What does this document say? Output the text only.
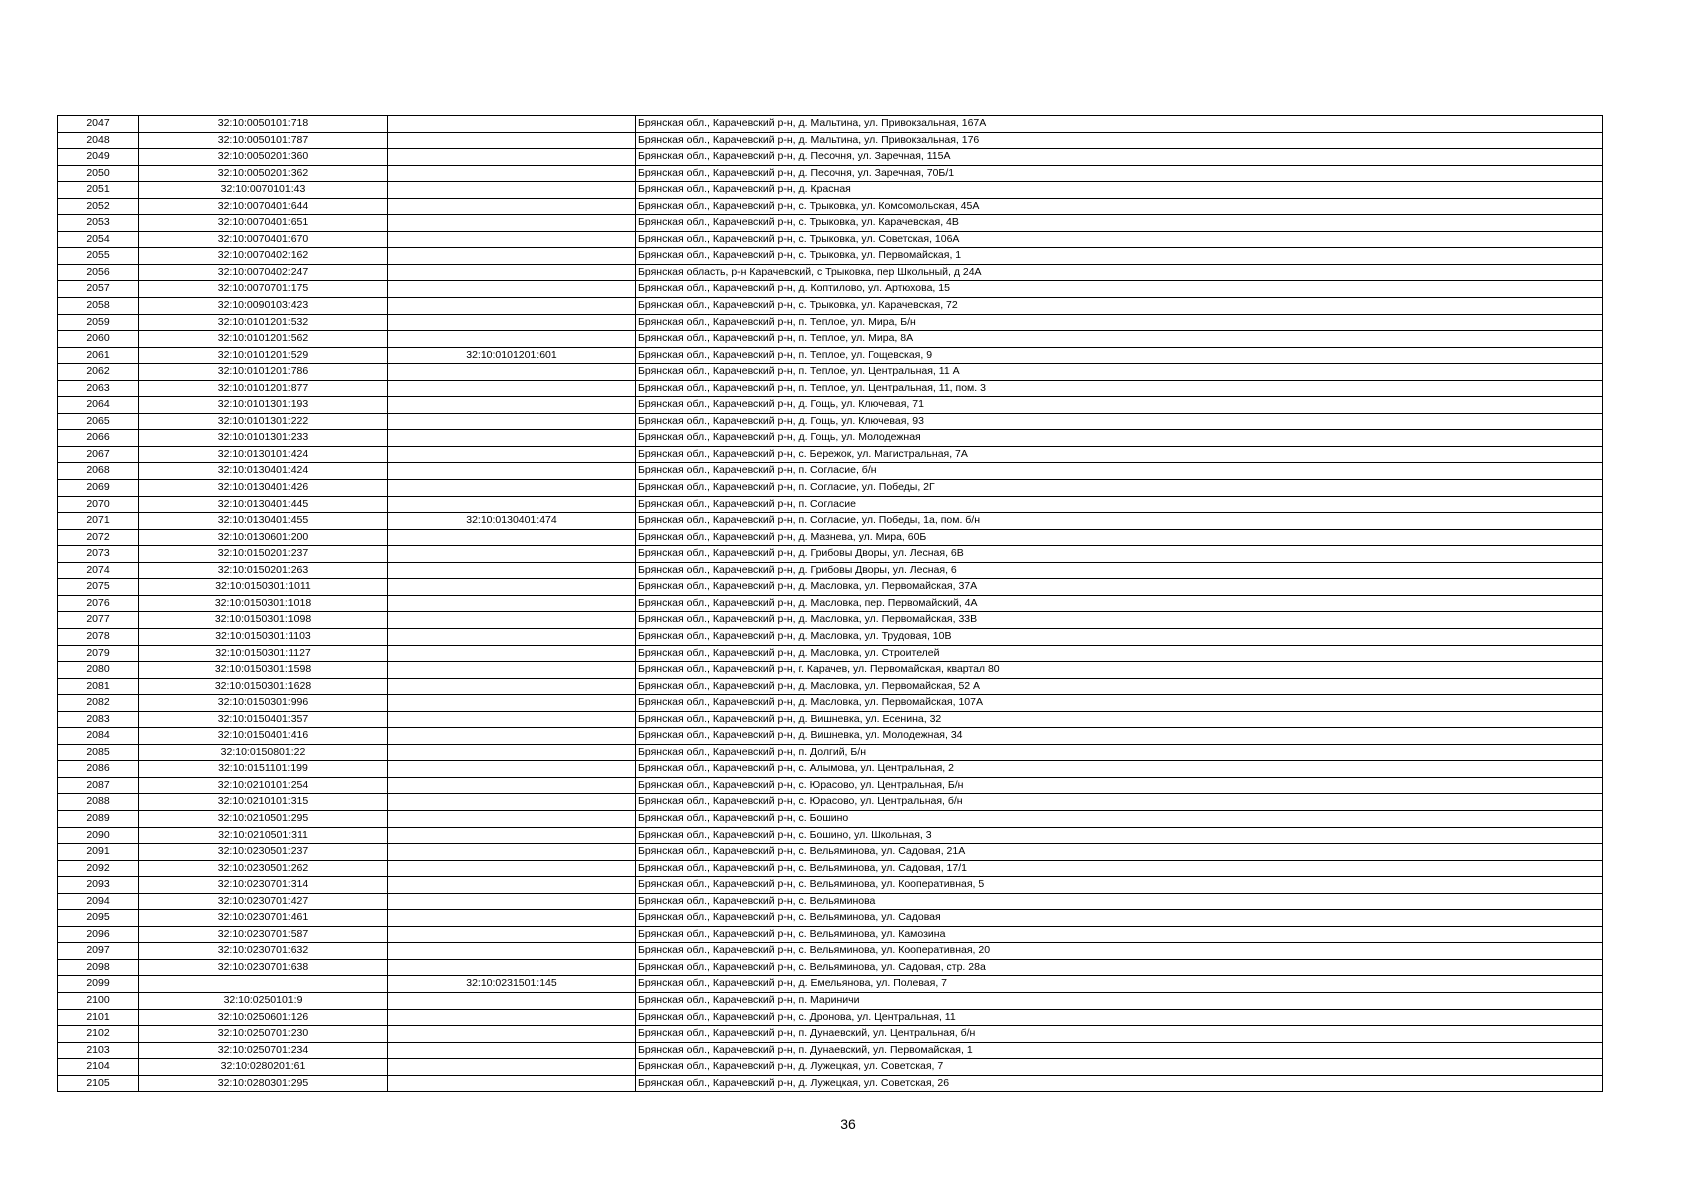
2047	32:10:0050101:718		Брянская обл., Карачевский р-н, д. Мальтина, ул. Привокзальная, 167А
2048	32:10:0050101:787		Брянская обл., Карачевский р-н, д. Мальтина, ул. Привокзальная, 176
2049	32:10:0050201:360		Брянская обл., Карачевский р-н, д. Песочня, ул. Заречная, 115А
2050	32:10:0050201:362		Брянская обл., Карачевский р-н, д. Песочня, ул. Заречная, 70Б/1
2051	32:10:0070101:43		Брянская обл., Карачевский р-н, д. Красная
2052	32:10:0070401:644		Брянская обл., Карачевский р-н, с. Трыковка, ул. Комсомольская, 45А
2053	32:10:0070401:651		Брянская обл., Карачевский р-н, с. Трыковка, ул. Карачевская, 4В
2054	32:10:0070401:670		Брянская обл., Карачевский р-н, с. Трыковка, ул. Советская, 106А
2055	32:10:0070402:162		Брянская обл., Карачевский р-н, с. Трыковка, ул. Первомайская, 1
2056	32:10:0070402:247		Брянская область, р-н Карачевский, с Трыковка, пер Школьный, д 24А
2057	32:10:0070701:175		Брянская обл., Карачевский р-н, д. Коптилово, ул. Артюхова, 15
2058	32:10:0090103:423		Брянская обл., Карачевский р-н, с. Трыковка, ул. Карачевская, 72
2059	32:10:0101201:532		Брянская обл., Карачевский р-н, п. Теплое, ул. Мира, Б/н
2060	32:10:0101201:562		Брянская обл., Карачевский р-н, п. Теплое, ул. Мира, 8А
2061	32:10:0101201:529	32:10:0101201:601	Брянская обл., Карачевский р-н, п. Теплое, ул. Гощевская, 9
2062	32:10:0101201:786		Брянская обл., Карачевский р-н, п. Теплое, ул. Центральная, 11 А
2063	32:10:0101201:877		Брянская обл., Карачевский р-н, п. Теплое, ул. Центральная, 11, пом. 3
2064	32:10:0101301:193		Брянская обл., Карачевский р-н, д. Гощь, ул. Ключевая, 71
2065	32:10:0101301:222		Брянская обл., Карачевский р-н, д. Гощь, ул. Ключевая, 93
2066	32:10:0101301:233		Брянская обл., Карачевский р-н, д. Гощь, ул. Молодежная
2067	32:10:0130101:424		Брянская обл., Карачевский р-н, с. Бережок, ул. Магистральная, 7А
2068	32:10:0130401:424		Брянская обл., Карачевский р-н, п. Согласие, б/н
2069	32:10:0130401:426		Брянская обл., Карачевский р-н, п. Согласие, ул. Победы, 2Г
2070	32:10:0130401:445		Брянская обл., Карачевский р-н, п. Согласие
2071	32:10:0130401:455	32:10:0130401:474	Брянская обл., Карачевский р-н, п. Согласие, ул. Победы, 1а, пом. б/н
2072	32:10:0130601:200		Брянская обл., Карачевский р-н, д. Мазнева, ул. Мира, 60Б
2073	32:10:0150201:237		Брянская обл., Карачевский р-н, д. Грибовы Дворы, ул. Лесная, 6В
2074	32:10:0150201:263		Брянская обл., Карачевский р-н, д. Грибовы Дворы, ул. Лесная, 6
2075	32:10:0150301:1011		Брянская обл., Карачевский р-н, д. Масловка, ул. Первомайская, 37А
2076	32:10:0150301:1018		Брянская обл., Карачевский р-н, д. Масловка, пер. Первомайский, 4А
2077	32:10:0150301:1098		Брянская обл., Карачевский р-н, д. Масловка, ул. Первомайская, 33В
2078	32:10:0150301:1103		Брянская обл., Карачевский р-н, д. Масловка, ул. Трудовая, 10В
2079	32:10:0150301:1127		Брянская обл., Карачевский р-н, д. Масловка, ул. Строителей
2080	32:10:0150301:1598		Брянская обл., Карачевский р-н, г. Карачев, ул. Первомайская, квартал 80
2081	32:10:0150301:1628		Брянская обл., Карачевский р-н, д. Масловка, ул. Первомайская, 52 А
2082	32:10:0150301:996		Брянская обл., Карачевский р-н, д. Масловка, ул. Первомайская, 107А
2083	32:10:0150401:357		Брянская обл., Карачевский р-н, д. Вишневка, ул. Есенина, 32
2084	32:10:0150401:416		Брянская обл., Карачевский р-н, д. Вишневка, ул. Молодежная, 34
2085	32:10:0150801:22		Брянская обл., Карачевский р-н, п. Долгий, Б/н
2086	32:10:0151101:199		Брянская обл., Карачевский р-н, с. Алымова, ул. Центральная, 2
2087	32:10:0210101:254		Брянская обл., Карачевский р-н, с. Юрасово, ул. Центральная, Б/н
2088	32:10:0210101:315		Брянская обл., Карачевский р-н, с. Юрасово, ул. Центральная, б/н
2089	32:10:0210501:295		Брянская обл., Карачевский р-н, с. Бошино
2090	32:10:0210501:311		Брянская обл., Карачевский р-н, с. Бошино, ул. Школьная, 3
2091	32:10:0230501:237		Брянская обл., Карачевский р-н, с. Вельяминова, ул. Садовая, 21А
2092	32:10:0230501:262		Брянская обл., Карачевский р-н, с. Вельяминова, ул. Садовая, 17/1
2093	32:10:0230701:314		Брянская обл., Карачевский р-н, с. Вельяминова, ул. Кооперативная, 5
2094	32:10:0230701:427		Брянская обл., Карачевский р-н, с. Вельяминова
2095	32:10:0230701:461		Брянская обл., Карачевский р-н, с. Вельяминова, ул. Садовая
2096	32:10:0230701:587		Брянская обл., Карачевский р-н, с. Вельяминова, ул. Камозина
2097	32:10:0230701:632		Брянская обл., Карачевский р-н, с. Вельяминова, ул. Кооперативная, 20
2098	32:10:0230701:638		Брянская обл., Карачевский р-н, с. Вельяминова, ул. Садовая, стр. 28а
2099		32:10:0231501:145	Брянская обл., Карачевский р-н, д. Емельянова, ул. Полевая, 7
2100	32:10:0250101:9		Брянская обл., Карачевский р-н, п. Мариничи
2101	32:10:0250601:126		Брянская обл., Карачевский р-н, с. Дронова, ул. Центральная, 11
2102	32:10:0250701:230		Брянская обл., Карачевский р-н, п. Дунаевский, ул. Центральная, б/н
2103	32:10:0250701:234		Брянская обл., Карачевский р-н, п. Дунаевский, ул. Первомайская, 1
2104	32:10:0280201:61		Брянская обл., Карачевский р-н, д. Лужецкая, ул. Советская, 7
2105	32:10:0280301:295		Брянская обл., Карачевский р-н, д. Лужецкая, ул. Советская, 26
36
